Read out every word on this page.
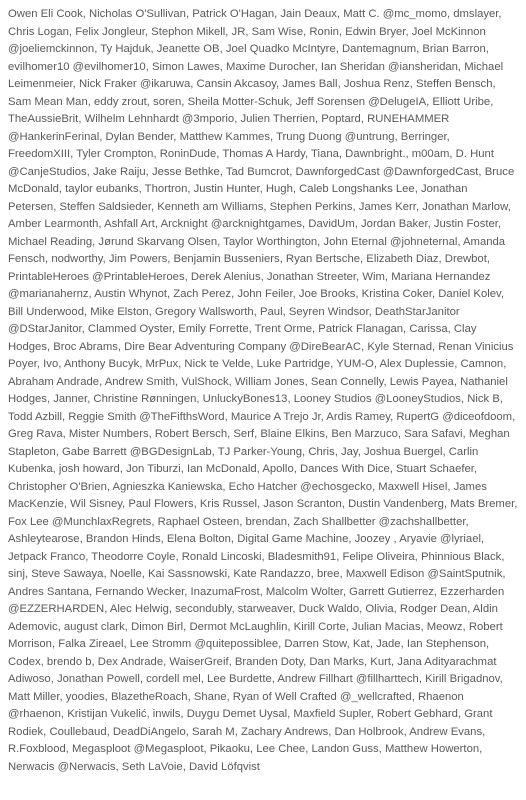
Owen Eli Cook, Nicholas O'Sullivan, Patrick O'Hagan, Jain Deaux, Matt C. @mc_momo, dmslayer, Chris Logan, Felix Jongleur, Stephon Mikell, JR, Sam Wise, Ronin, Edwin Bryer, Joel McKinnon @joeliemckinnon, Ty Hajduk, Jeanette OB, Joel Quadko McIntyre, Dantemagnum, Brian Barron, evilhomer10 @evilhomer10, Simon Lawes, Maxime Durocher, Ian Sheridan @iansheridan, Michael Leimenmeier, Nick Fraker @ikaruwa, Cansin Akcasoy, James Ball, Joshua Renz, Steffen Bensch, Sam Mean Man, eddy zrout, soren, Sheila Motter-Schuk, Jeff Sorensen @DelugeIA, Elliott Uribe, TheAussieBrit, Wilhelm Lehnhardt @3mporio, Julien Therrien, Poptard, RUNEHAMMER @HankerinFerinal, Dylan Bender, Matthew Kammes, Trung Duong @untrung, Berringer, FreedomXIII, Tyler Crompton, RoninDude, Thomas A Hardy, Tiana, Dawnbright., m00am, D. Hunt @CanjeStudios, Jake Raiju, Jesse Bethke, Tad Bumcrot, DawnforgedCast @DawnforgedCast, Bruce McDonald, taylor eubanks, Thortron, Justin Hunter, Hugh, Caleb Longshanks Lee, Jonathan Petersen, Steffen Saldsieder, Kenneth am Williams, Stephen Perkins, James Kerr, Jonathan Marlow, Amber Learmonth, Ashfall Art, Arcknight @arcknightgames, DavidUm, Jordan Baker, Justin Foster, Michael Reading, Jørund Skarvang Olsen, Taylor Worthington, John Eternal @johneternal, Amanda Fensch, nodworthy, Jim Powers, Benjamin Busseniers, Ryan Bertsche, Elizabeth Diaz, Drewbot, PrintableHeroes @PrintableHeroes, Derek Alenius, Jonathan Streeter, Wim, Mariana Hernandez @marianahernz, Austin Whynot, Zach Perez, John Feiler, Joe Brooks, Kristina Coker, Daniel Kolev, Bill Underwood, Mike Elston, Gregory Wallsworth, Paul, Seyren Windsor, DeathStarJanitor @DStarJanitor, Clammed Oyster, Emily Forrette, Trent Orme, Patrick Flanagan, Carissa, Clay Hodges, Broc Abrams, Dire Bear Adventuring Company @DireBearAC, Kyle Sternad, Renan Vinicius Poyer, Ivo, Anthony Bucyk, MrPux, Nick te Velde, Luke Partridge, YUM-O, Alex Duplessie, Camnon, Abraham Andrade, Andrew Smith, VulShock, William Jones, Sean Connelly, Lewis Payea, Nathaniel Hodges, Janner, Christine Rønningen, UnluckyBones13, Looney Studios @LooneyStudios, Nick B, Todd Azbill, Reggie Smith @TheFifthsWord, Maurice A Trejo Jr, Ardis Ramey, RupertG @diceofdoom, Greg Rava, Mister Numbers, Robert Bersch, Serf, Blaine Elkins, Ben Marzuco, Sara Safavi, Meghan Stapleton, Gabe Barrett @BGDesignLab, TJ Parker-Young, Chris, Jay, Joshua Buergel, Carlin Kubenka, josh howard, Jon Tiburzi, Ian McDonald, Apollo, Dances With Dice, Stuart Schaefer, Christopher O'Brien, Agnieszka Kaniewska, Echo Hatcher @echosgecko, Maxwell Hisel, James MacKenzie, Wil Sisney, Paul Flowers, Kris Russel, Jason Scranton, Dustin Vandenberg, Mats Bremer, Fox Lee @MunchlaxRegrets, Raphael Osteen, brendan, Zach Shallbetter @zachshallbetter, Ashleytearose, Brandon Hinds, Elena Bolton, Digital Game Machine, Joozey , Aryavie @lyriael, Jetpack Franco, Theodorre Coyle, Ronald Lincoski, Bladesmith91, Felipe Oliveira, Phinnious Black, sinj, Steve Sawaya, Noelle, Kai Sassnowski, Kate Randazzo, bree, Maxwell Edison @SaintSputnik, Andres Santana, Fernando Wecker, InazumaFrost, Malcolm Wolter, Garrett Gutierrez, Ezzerharden @EZZERHARDEN, Alec Helwig, secondubly, starweaver, Duck Waldo, Olivia, Rodger Dean, Aldin Ademovic, august clark, Dimon Birl, Dermot McLaughlin, Kirill Corte, Julian Macias, Meowz, Robert Morrison, Falka Zireael, Lee Stromm @quitepossiblee, Darren Stow, Kat, Jade, Ian Stephenson, Codex, brendo b, Dex Andrade, WaiserGreif, Branden Doty, Dan Marks, Kurt, Jana Adityarachmat Adiwoso, Jonathan Powell, cordell mel, Lee Burdette, Andrew Fillhart @fillharttech, Kirill Brigadnov, Matt Miller, yoodies, BlazetheRoach, Shane, Ryan of Well Crafted @_wellcrafted, Rhaenon @rhaenon, Kristijan Vukelić, inwils, Duygu Demet Uysal, Maxfield Supler, Robert Gebhard, Grant Rodiek, Coullebaud, DeadDiAngelo, Sarah M, Zachary Andrews, Dan Holbrook, Andrew Evans, R.Foxblood, Megasploot @Megasploot, Pikaoku, Lee Chee, Landon Guss, Matthew Howerton, Nerwacis @Nerwacis, Seth LaVoie, David Löfqvist
